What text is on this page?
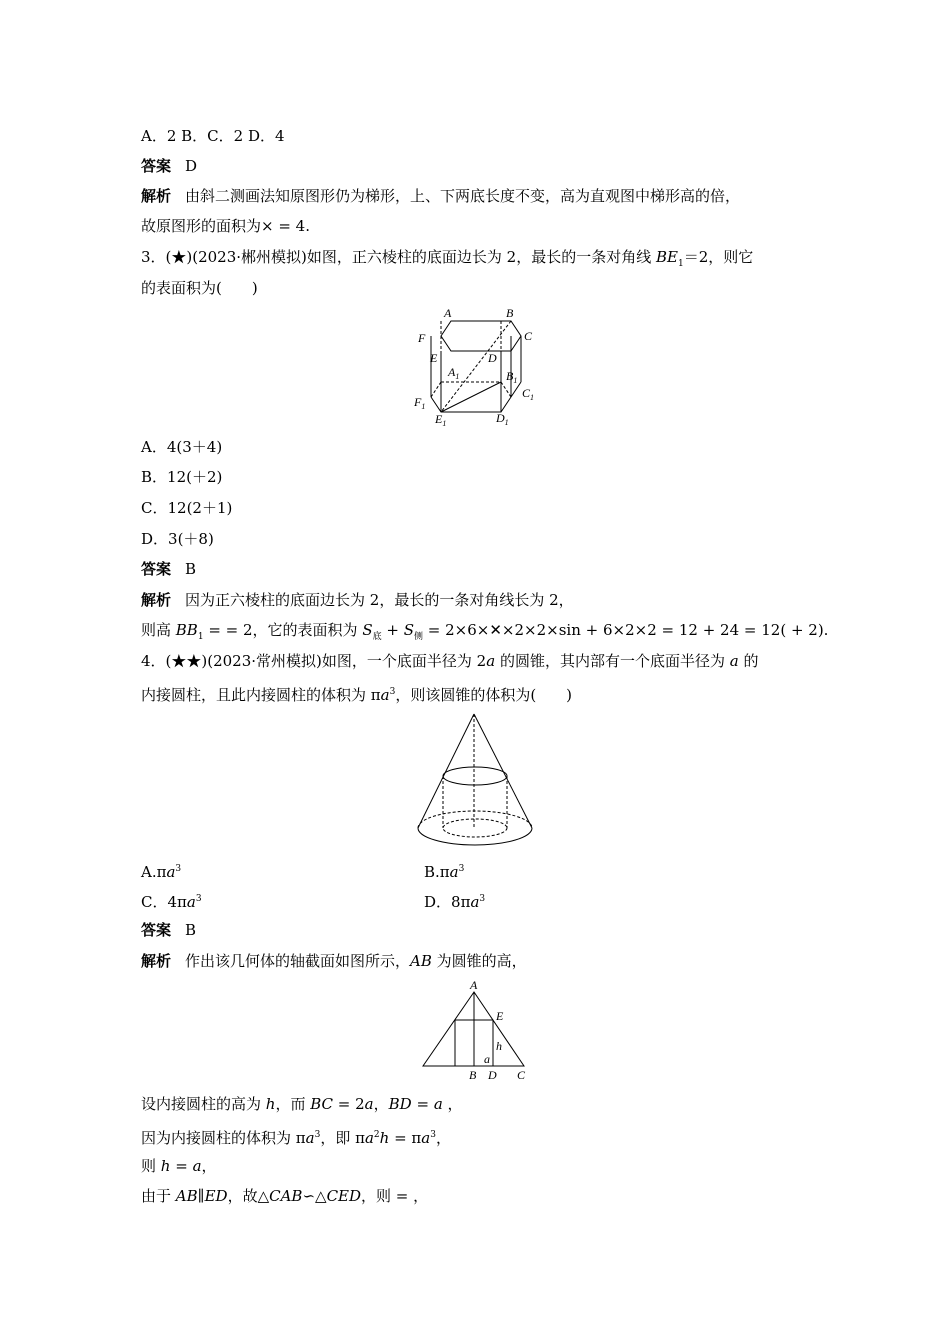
A．2 B．C．2 D．4
答案 D
解析 由斜二测画法知原图形仍为梯形，上、下两底长度不变，高为直观图中梯形高的倍，
故原图形的面积为× = 4.
3．(★)(2023·郴州模拟)如图，正六棱柱的底面边长为 2，最长的一条对角线 $BE_1=2$，则它
的表面积为(　　)
A	B
C
D
E
F
$A_1$	$B_1$
$C_1$
$D_1$
$E_1$
$F_1$
A．4(3＋4)
B．12(＋2)
C．12(2＋1)
D．3(＋8)
答案 B
解析 因为正六棱柱的底面边长为 2，最长的一条对角线长为 2，
则高 $BB_1$ = = 2，它的表面积为 $S_底 + S_侧$ = 2×6×✕×2×2×sin + 6×2×2 = 12 + 24 = 12( + 2).
4．(★★)(2023·常州模拟)如图，一个底面半径为 2a 的圆锥，其内部有一个底面半径为 a 的
内接圆柱，且此内接圆柱的体积为 $\pi a^3$，则该圆锥的体积为(　　)
$A.\pi a^3$	$B.\pi a^3$
C．$4\pi a^3$	D．$8\pi a^3$
答案 B
解析 作出该几何体的轴截面如图所示，AB 为圆锥的高，
A
E
h
a
B D C
设内接圆柱的高为 h，而 BC = 2a，BD = a ，
因为内接圆柱的体积为 $\pi a^3$，即 $\pi a^2h = \pi a^3$，
则 h = a，
由于 AB∥ED，故△CAB∽△CED，则 = ，
